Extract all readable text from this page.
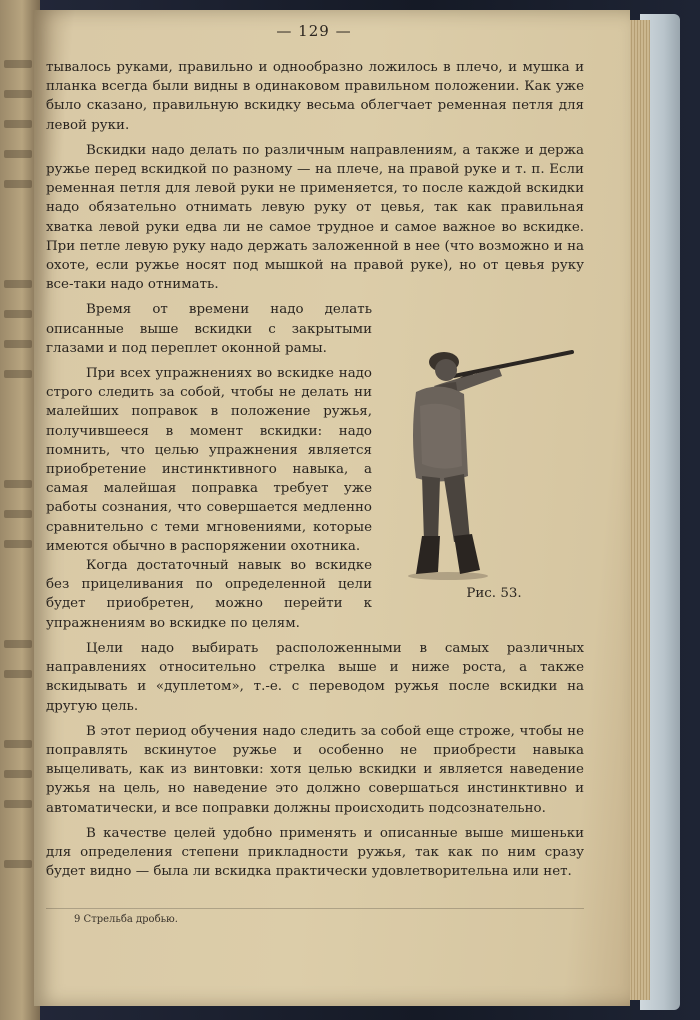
— 129 —

тывалось руками, правильно и однообразно ложилось в плечо, и мушка и планка всегда были видны в одинаковом правильном положении. Как уже было сказано, правильную вскидку весьма облегчает ременная петля для левой руки.

Вскидки надо делать по различным направлениям, а также и держа ружье перед вскидкой по разному — на плече, на правой руке и т. п. Если ременная петля для левой руки не применяется, то после каждой вскидки надо обязательно отнимать левую руку от цевья, так как правильная хватка левой руки едва ли не самое трудное и самое важное во вскидке. При петле левую руку надо держать заложенной в нее (что возможно и на охоте, если ружье носят под мышкой на правой руке), но от цевья руку все-таки надо отнимать.

Время от времени надо делать описанные выше вскидки с закрытыми глазами и под переплет оконной рамы.

При всех упражнениях во вскидке надо строго следить за собой, чтобы не делать ни малейших поправок в положение ружья, получившееся в момент вскидки: надо помнить, что целью упражнения является приобретение инстинктивного навыка, а самая малейшая поправка требует уже работы сознания, что совершается медленно сравнительно с теми мгновениями, которые имеются обычно в распоряжении охотника.

Когда достаточный навык во вскидке без прицеливания по определенной цели будет приобретен, можно перейти к упражнениям во вскидке по целям.

Цели надо выбирать расположенными в самых различных направлениях относительно стрелка выше и ниже роста, а также вскидывать и «дуплетом», т.-е. с переводом ружья после вскидки на другую цель.

В этот период обучения надо следить за собой еще строже, чтобы не поправлять вскинутое ружье и особенно не приобрести навыка выцеливать, как из винтовки: хотя целью вскидки и является наведение ружья на цель, но наведение это должно совершаться инстинктивно и автоматически, и все поправки должны происходить подсознательно.

В качестве целей удобно применять и описанные выше мишеньки для определения степени прикладности ружья, так как по ним сразу будет видно — была ли вскидка практически удовлетворительна или нет.

Рис. 53.
9 Стрельба дробью.
